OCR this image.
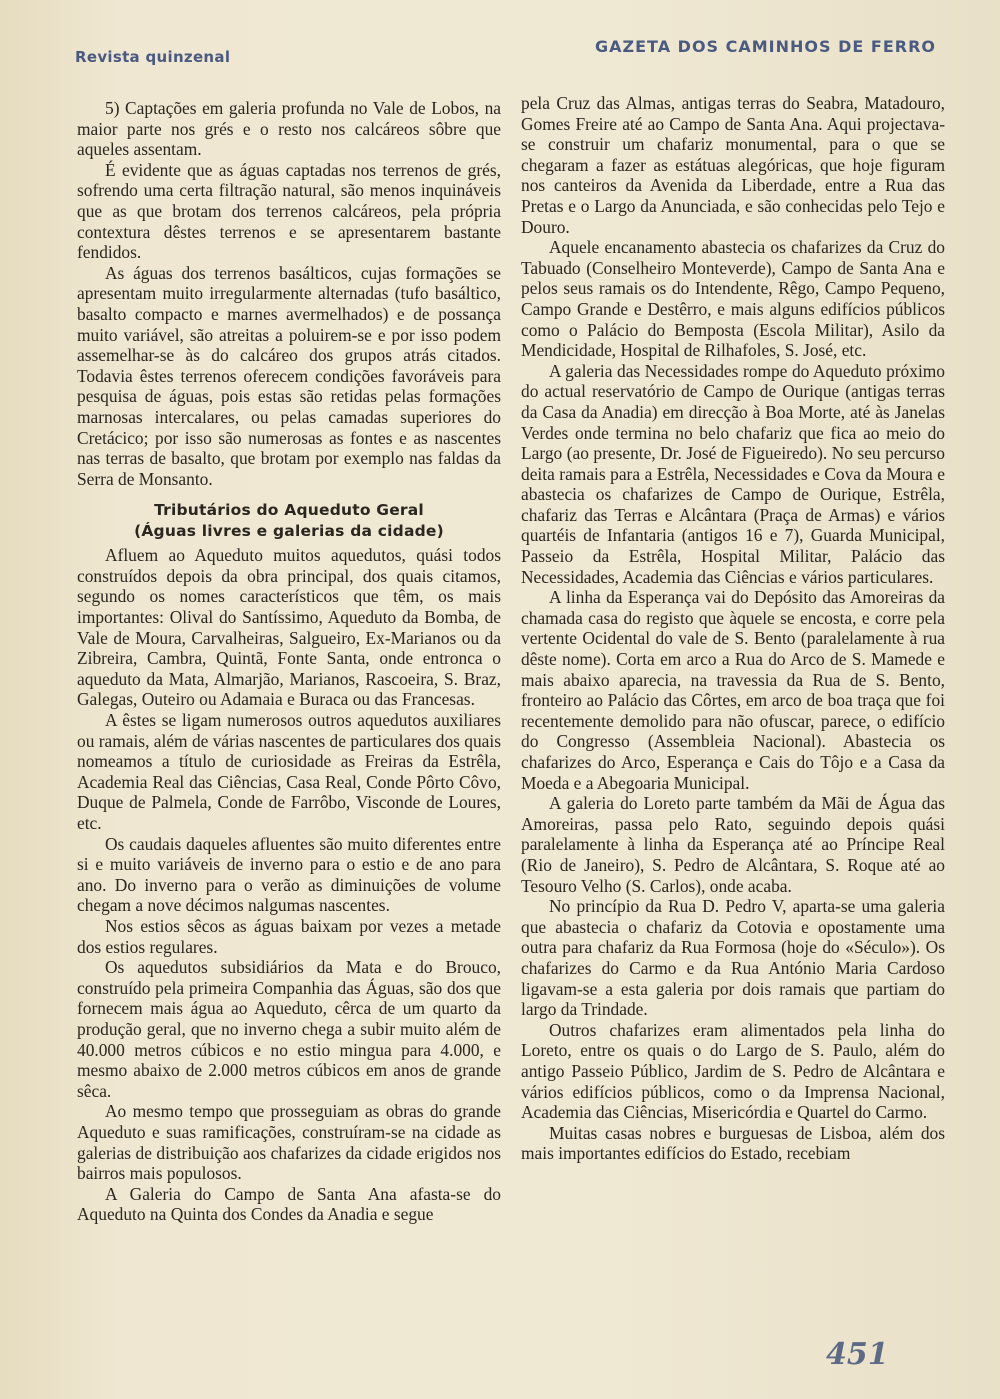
Revista quinzenal
GAZETA DOS CAMINHOS DE FERRO

5) Captações em galeria profunda no Vale de Lobos, na maior parte nos grés e o resto nos calcáreos sôbre que aqueles assentam.

É evidente que as águas captadas nos terrenos de grés, sofrendo uma certa filtração natural, são menos inquináveis que as que brotam dos terrenos calcáreos, pela própria contextura dêstes terrenos e se apresentarem bastante fendidos.

As águas dos terrenos basálticos, cujas formações se apresentam muito irregularmente alternadas (tufo basáltico, basalto compacto e marnes avermelhados) e de possança muito variável, são atreitas a poluirem-se e por isso podem assemelhar-se às do calcáreo dos grupos atrás citados. Todavia êstes terrenos oferecem condições favoráveis para pesquisa de águas, pois estas são retidas pelas formações marnosas intercalares, ou pelas camadas superiores do Cretácico; por isso são numerosas as fontes e as nascentes nas terras de basalto, que brotam por exemplo nas faldas da Serra de Monsanto.

Tributários do Aqueduto Geral
(Águas livres e galerias da cidade)

Afluem ao Aqueduto muitos aquedutos, quási todos construídos depois da obra principal, dos quais citamos, segundo os nomes característicos que têm, os mais importantes: Olival do Santíssimo, Aqueduto da Bomba, de Vale de Moura, Carvalheiras, Salgueiro, Ex-Marianos ou da Zibreira, Cambra, Quintã, Fonte Santa, onde entronca o aqueduto da Mata, Almarjão, Marianos, Rascoeira, S. Braz, Galegas, Outeiro ou Adamaia e Buraca ou das Francesas.

A êstes se ligam numerosos outros aquedutos auxiliares ou ramais, além de várias nascentes de particulares dos quais nomeamos a título de curiosidade as Freiras da Estrêla, Academia Real das Ciências, Casa Real, Conde Pôrto Côvo, Duque de Palmela, Conde de Farrôbo, Visconde de Loures, etc.

Os caudais daqueles afluentes são muito diferentes entre si e muito variáveis de inverno para o estio e de ano para ano. Do inverno para o verão as diminuições de volume chegam a nove décimos nalgumas nascentes.

Nos estios sêcos as águas baixam por vezes a metade dos estios regulares.

Os aquedutos subsidiários da Mata e do Brouco, construído pela primeira Companhia das Águas, são dos que fornecem mais água ao Aqueduto, cêrca de um quarto da produção geral, que no inverno chega a subir muito além de 40.000 metros cúbicos e no estio mingua para 4.000, e mesmo abaixo de 2.000 metros cúbicos em anos de grande sêca.

Ao mesmo tempo que prosseguiam as obras do grande Aqueduto e suas ramificações, construíram-se na cidade as galerias de distribuição aos chafarizes da cidade erigidos nos bairros mais populosos.

A Galeria do Campo de Santa Ana afasta-se do Aqueduto na Quinta dos Condes da Anadia e segue

pela Cruz das Almas, antigas terras do Seabra, Matadouro, Gomes Freire até ao Campo de Santa Ana. Aqui projectava-se construir um chafariz monumental, para o que se chegaram a fazer as estátuas alegóricas, que hoje figuram nos canteiros da Avenida da Liberdade, entre a Rua das Pretas e o Largo da Anunciada, e são conhecidas pelo Tejo e Douro.

Aquele encanamento abastecia os chafarizes da Cruz do Tabuado (Conselheiro Monteverde), Campo de Santa Ana e pelos seus ramais os do Intendente, Rêgo, Campo Pequeno, Campo Grande e Destêrro, e mais alguns edifícios públicos como o Palácio do Bemposta (Escola Militar), Asilo da Mendicidade, Hospital de Rilhafoles, S. José, etc.

A galeria das Necessidades rompe do Aqueduto próximo do actual reservatório de Campo de Ourique (antigas terras da Casa da Anadia) em direcção à Boa Morte, até às Janelas Verdes onde termina no belo chafariz que fica ao meio do Largo (ao presente, Dr. José de Figueiredo). No seu percurso deita ramais para a Estrêla, Necessidades e Cova da Moura e abastecia os chafarizes de Campo de Ourique, Estrêla, chafariz das Terras e Alcântara (Praça de Armas) e vários quartéis de Infantaria (antigos 16 e 7), Guarda Municipal, Passeio da Estrêla, Hospital Militar, Palácio das Necessidades, Academia das Ciências e vários particulares.

A linha da Esperança vai do Depósito das Amoreiras da chamada casa do registo que àquele se encosta, e corre pela vertente Ocidental do vale de S. Bento (paralelamente à rua dêste nome). Corta em arco a Rua do Arco de S. Mamede e mais abaixo aparecia, na travessia da Rua de S. Bento, fronteiro ao Palácio das Côrtes, em arco de boa traça que foi recentemente demolido para não ofuscar, parece, o edifício do Congresso (Assembleia Nacional). Abastecia os chafarizes do Arco, Esperança e Cais do Tôjo e a Casa da Moeda e a Abegoaria Municipal.

A galeria do Loreto parte também da Mãi de Água das Amoreiras, passa pelo Rato, seguindo depois quási paralelamente à linha da Esperança até ao Príncipe Real (Rio de Janeiro), S. Pedro de Alcântara, S. Roque até ao Tesouro Velho (S. Carlos), onde acaba.

No princípio da Rua D. Pedro V, aparta-se uma galeria que abastecia o chafariz da Cotovia e opostamente uma outra para chafariz da Rua Formosa (hoje do «Século»). Os chafarizes do Carmo e da Rua António Maria Cardoso ligavam-se a esta galeria por dois ramais que partiam do largo da Trindade.

Outros chafarizes eram alimentados pela linha do Loreto, entre os quais o do Largo de S. Paulo, além do antigo Passeio Público, Jardim de S. Pedro de Alcântara e vários edifícios públicos, como o da Imprensa Nacional, Academia das Ciências, Misericórdia e Quartel do Carmo.

Muitas casas nobres e burguesas de Lisboa, além dos mais importantes edifícios do Estado, recebiam

451
